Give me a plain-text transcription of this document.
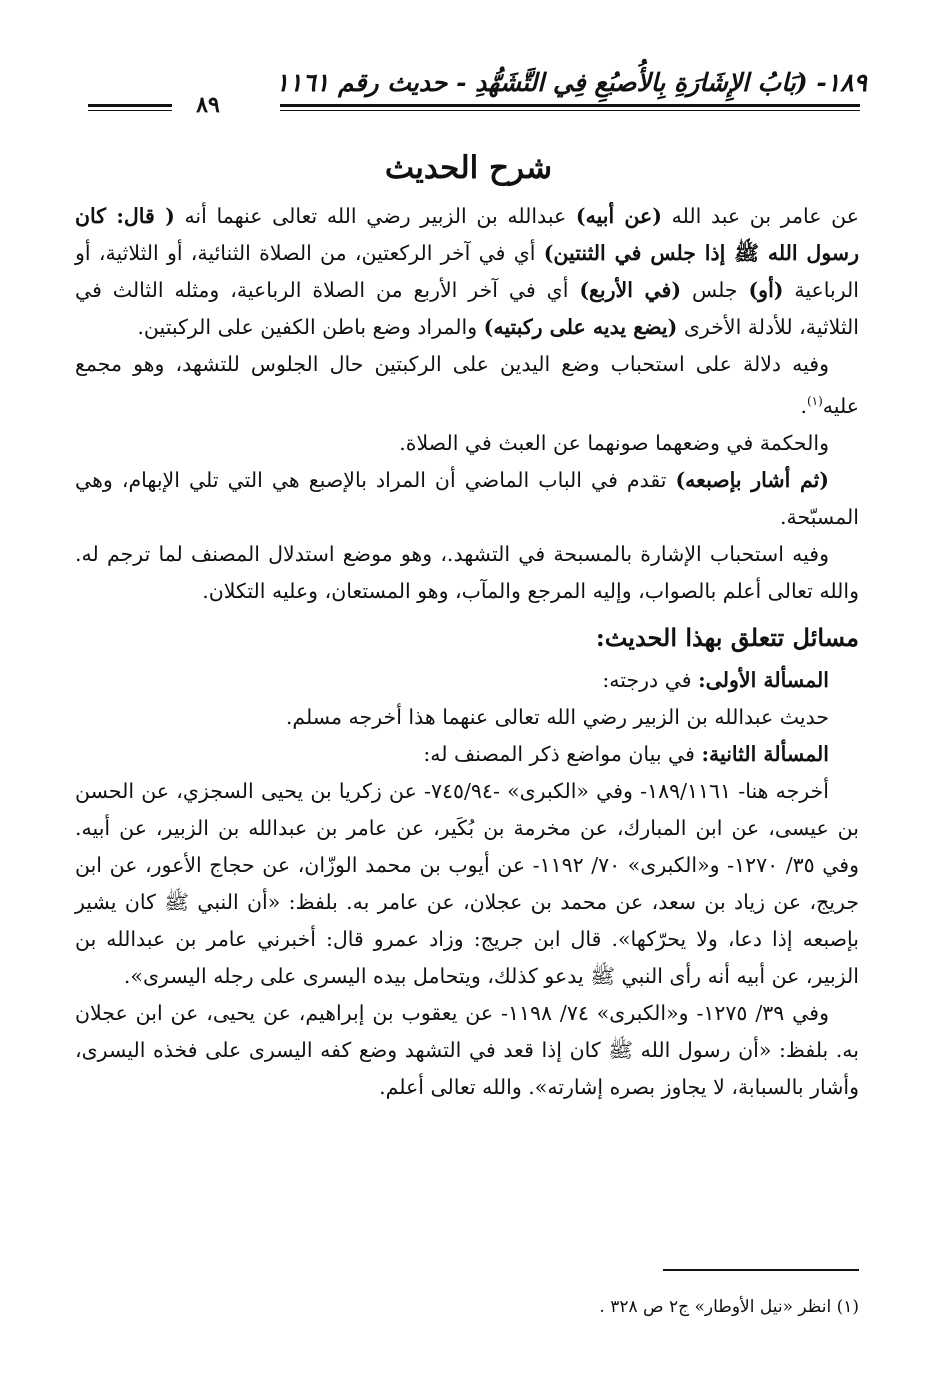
١٨٩- (بَابُ الإِشَارَةِ بِالأُصبُعِ فِي التَّشَهُّدِ - حديث رقم ١١٦١
٨٩
شرح الحديث

عن عامر بن عبد الله (عن أبيه) عبدالله بن الزبير رضي الله تعالى عنهما أنه ( قال: كان رسول الله ﷺ إذا جلس في الثنتين) أي في آخر الركعتين، من الصلاة الثنائية، أو الثلاثية، أو الرباعية (أو) جلس (في الأربع) أي في آخر الأربع من الصلاة الرباعية، ومثله الثالث في الثلاثية، للأدلة الأخرى (يضع يديه على ركبتيه) والمراد وضع باطن الكفين على الركبتين.

وفيه دلالة على استحباب وضع اليدين على الركبتين حال الجلوس للتشهد، وهو مجمع عليه$^{(١)}$.

والحكمة في وضعهما صونهما عن العبث في الصلاة.

(ثم أشار بإصبعه) تقدم في الباب الماضي أن المراد بالإصبع هي التي تلي الإبهام، وهي المسبّحة.

وفيه استحباب الإشارة بالمسبحة في التشهد.، وهو موضع استدلال المصنف لما ترجم له. والله تعالى أعلم بالصواب، وإليه المرجع والمآب، وهو المستعان، وعليه التكلان.

مسائل تتعلق بهذا الحديث:

المسألة الأولى: في درجته:

حديث عبدالله بن الزبير رضي الله تعالى عنهما هذا أخرجه مسلم.

المسألة الثانية: في بيان مواضع ذكر المصنف له:

أخرجه هنا- ١٨٩/١١٦١- وفي «الكبرى» -٧٤٥/٩٤- عن زكريا بن يحيى السجزي، عن الحسن بن عيسى، عن ابن المبارك، عن مخرمة بن بُكَير، عن عامر بن عبدالله بن الزبير، عن أبيه. وفي ٣٥/ ١٢٧٠- و«الكبرى» ٧٠/ ١١٩٢- عن أيوب بن محمد الوزّان، عن حجاج الأعور، عن ابن جريج، عن زياد بن سعد، عن محمد بن عجلان، عن عامر به. بلفظ: «أن النبي ﷺ كان يشير بإصبعه إذا دعا، ولا يحرّكها». قال ابن جريج: وزاد عمرو قال: أخبرني عامر بن عبدالله بن الزبير، عن أبيه أنه رأى النبي ﷺ يدعو كذلك، ويتحامل بيده اليسرى على رجله اليسرى».

وفي ٣٩/ ١٢٧٥- و«الكبرى» ٧٤/ ١١٩٨- عن يعقوب بن إبراهيم، عن يحيى، عن ابن عجلان به. بلفظ: «أن رسول الله ﷺ كان إذا قعد في التشهد وضع كفه اليسرى على فخذه اليسرى، وأشار بالسبابة، لا يجاوز بصره إشارته». والله تعالى أعلم.

(١) انظر «نيل الأوطار» ج٢ ص ٣٢٨ .
